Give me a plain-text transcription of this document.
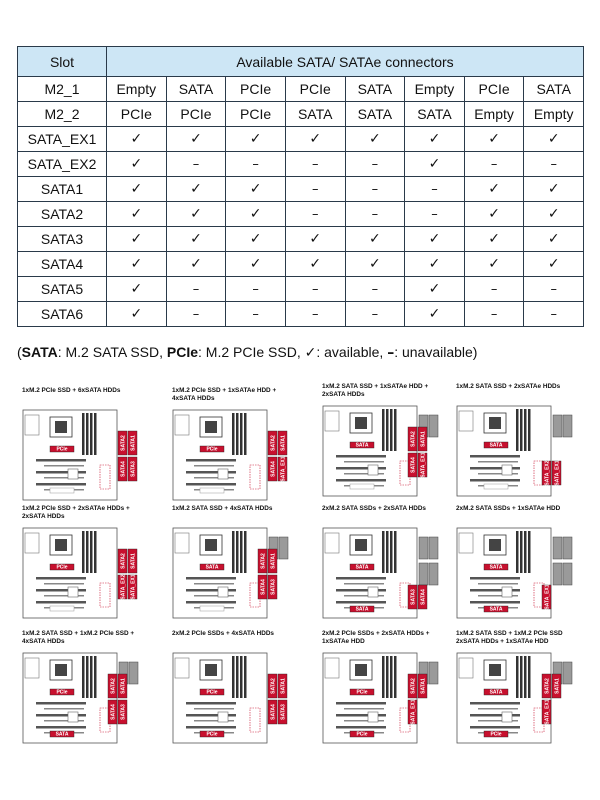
Slot	Available SATA/ SATAe connectors							
M2_1	Empty	SATA	PCIe	PCIe	SATA	Empty	PCIe	SATA
M2_2	PCIe	PCIe	PCIe	SATA	SATA	SATA	Empty	Empty
SATA_EX1	✓	✓	✓	✓	✓	✓	✓	✓
SATA_EX2	✓	–	–	–	–	✓	–	–
SATA1	✓	✓	✓	–	–	–	✓	✓
SATA2	✓	✓	✓	–	–	–	✓	✓
SATA3	✓	✓	✓	✓	✓	✓	✓	✓
SATA4	✓	✓	✓	✓	✓	✓	✓	✓
SATA5	✓	–	–	–	–	✓	–	–
SATA6	✓	–	–	–	–	✓	–	–
(SATA: M.2 SATA SSD, PCIe: M.2 PCIe SSD, ✓: available, –: unavailable)
1xM.2 PCIe SSD + 6xSATA HDDs
PCIe	SATA2 SATA1
SATA4 SATA3
1xM.2 PCIe SSD + 1xSATAe HDD + 4xSATA HDDs
PCIe	SATA2 SATA1
SATA4 SATA_EX1
1xM.2 SATA SSD + 1xSATAe HDD + 2xSATA HDDs
SATA	SATA2 SATA1
SATA4 SATA_EX1
1xM.2 SATA SSD + 2xSATAe HDDs
SATA
SATA_EX2 SATA_EX1
1xM.2 PCIe SSD + 2xSATAe HDDs + 2xSATA HDDs
PCIe	SATA2 SATA1
SATA_EX2 SATA_EX1
1xM.2 SATA SSD + 4xSATA HDDs
SATA	SATA2 SATA1
SATA4 SATA3
2xM.2 SATA SSDs + 2xSATA HDDs
SATA
SATA
SATA3 SATA4
2xM.2 SATA SSDs + 1xSATAe HDD
SATA
SATA
SATA_EX1
1xM.2 SATA SSD + 1xM.2 PCIe SSD + 4xSATA HDDs
PCIe
SATA
SATA2 SATA1
SATA4 SATA3
2xM.2 PCIe SSDs + 4xSATA HDDs
PCIe
PCIe
SATA2 SATA1
SATA4 SATA3
2xM.2 PCIe SSDs + 2xSATA HDDs + 1xSATAe HDD
PCIe
PCIe
SATA2 SATA1
SATA_EX1
1xM.2 SATA SSD + 1xM.2 PCIe SSD 2xSATA HDDs + 1xSATAe HDD
SATA
PCIe
SATA2 SATA1
SATA_EX1
